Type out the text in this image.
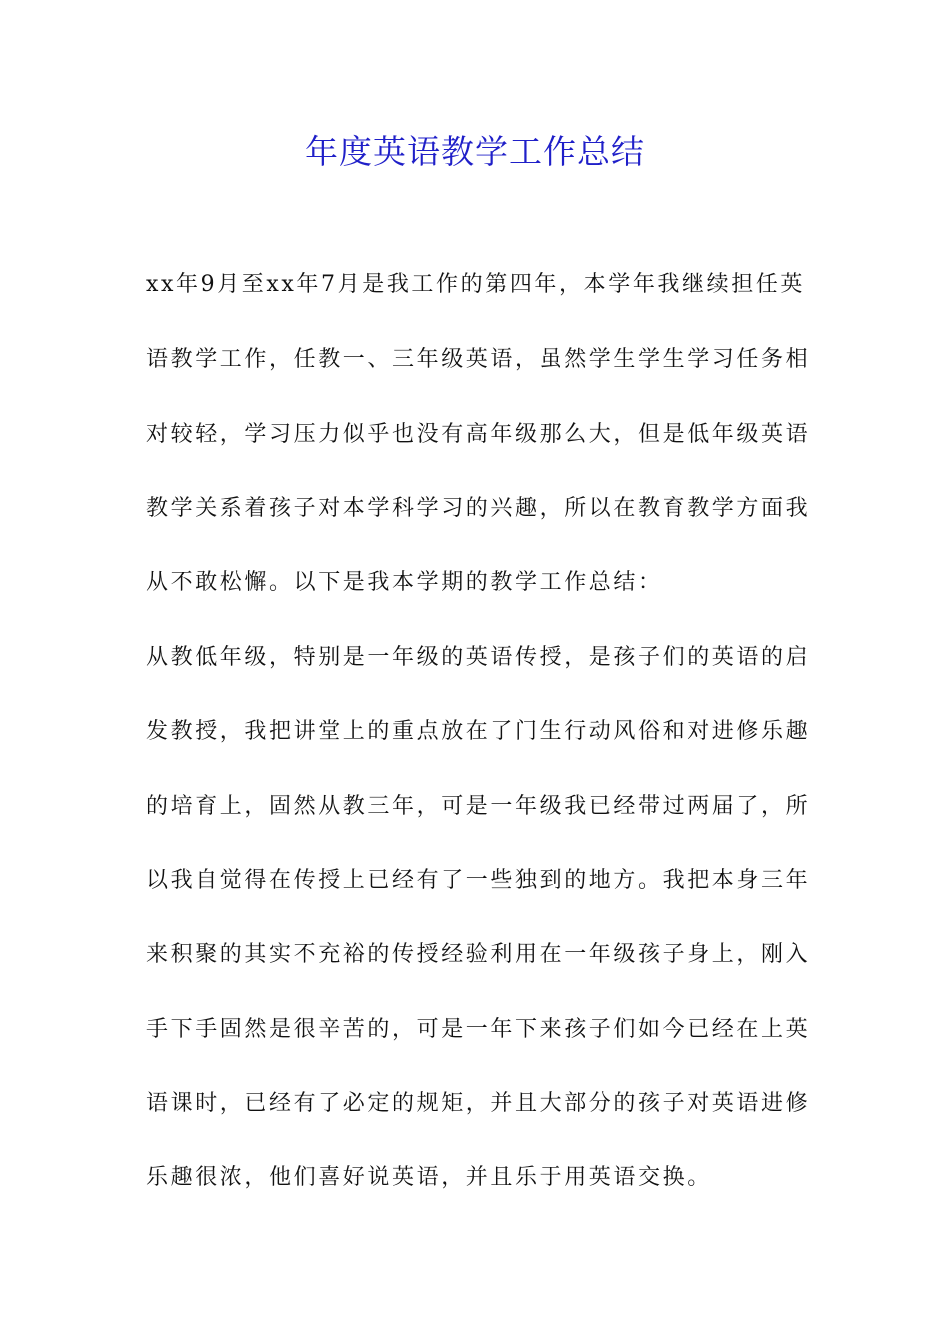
年度英语教学工作总结
xx年9月至xx年7月是我工作的第四年，本学年我继续担任英
语教学工作，任教一、三年级英语，虽然学生学生学习任务相
对较轻，学习压力似乎也没有高年级那么大，但是低年级英语
教学关系着孩子对本学科学习的兴趣，所以在教育教学方面我
从不敢松懈。以下是我本学期的教学工作总结：
从教低年级，特别是一年级的英语传授，是孩子们的英语的启
发教授，我把讲堂上的重点放在了门生行动风俗和对进修乐趣
的培育上，固然从教三年，可是一年级我已经带过两届了，所
以我自觉得在传授上已经有了一些独到的地方。我把本身三年
来积聚的其实不充裕的传授经验利用在一年级孩子身上，刚入
手下手固然是很辛苦的，可是一年下来孩子们如今已经在上英
语课时，已经有了必定的规矩，并且大部分的孩子对英语进修
乐趣很浓，他们喜好说英语，并且乐于用英语交换。
